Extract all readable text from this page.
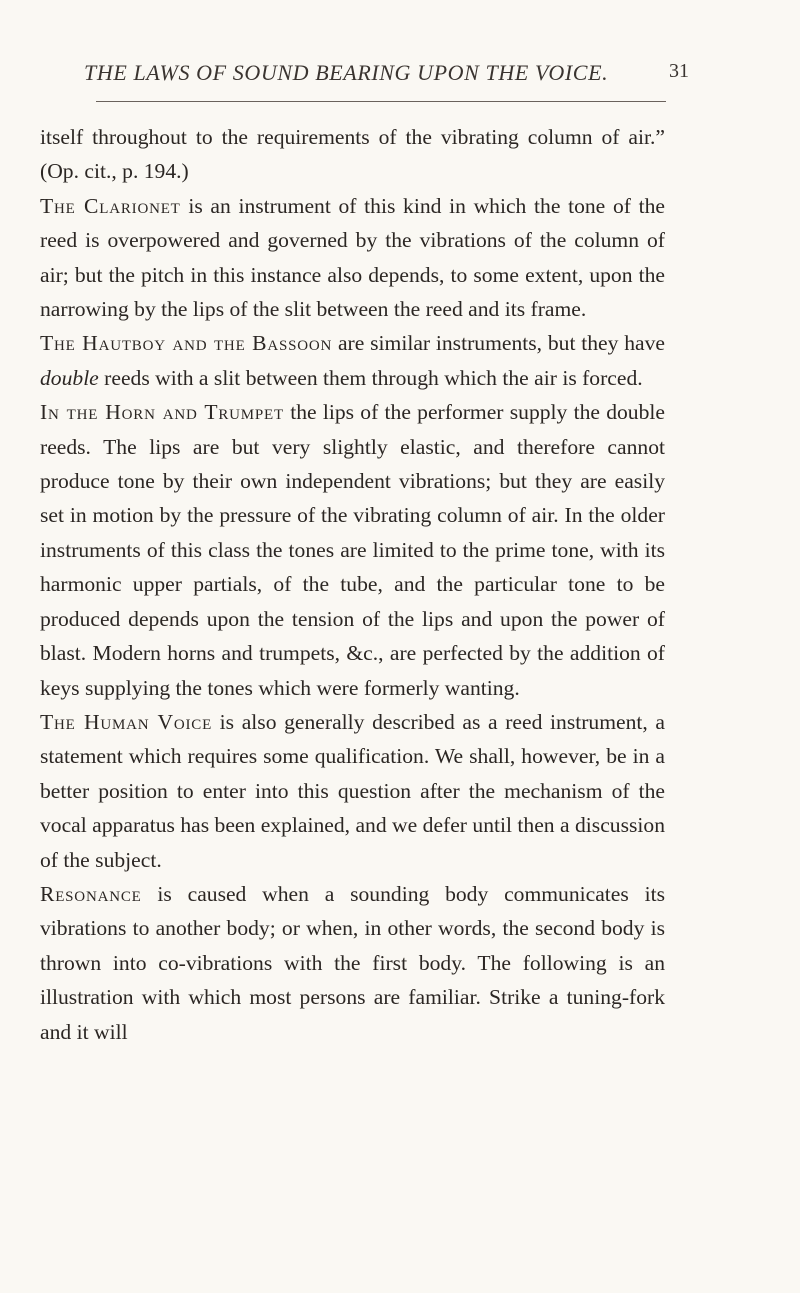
THE LAWS OF SOUND BEARING UPON THE VOICE.	31

itself throughout to the requirements of the vibrating column of air.” (Op. cit., p. 194.)

The Clarionet is an instrument of this kind in which the tone of the reed is overpowered and governed by the vibrations of the column of air; but the pitch in this instance also depends, to some extent, upon the narrowing by the lips of the slit between the reed and its frame.

The Hautboy and the Bassoon are similar instruments, but they have double reeds with a slit between them through which the air is forced.

In the Horn and Trumpet the lips of the performer supply the double reeds. The lips are but very slightly elastic, and therefore cannot produce tone by their own independent vibrations; but they are easily set in motion by the pressure of the vibrating column of air. In the older instruments of this class the tones are limited to the prime tone, with its harmonic upper partials, of the tube, and the particular tone to be produced depends upon the tension of the lips and upon the power of blast. Modern horns and trumpets, &c., are perfected by the addition of keys supplying the tones which were formerly wanting.

The Human Voice is also generally described as a reed instrument, a statement which requires some qualification. We shall, however, be in a better position to enter into this question after the mechanism of the vocal apparatus has been explained, and we defer until then a discussion of the subject.

Resonance is caused when a sounding body communicates its vibrations to another body; or when, in other words, the second body is thrown into co-vibrations with the first body. The following is an illustration with which most persons are familiar. Strike a tuning-fork and it will
